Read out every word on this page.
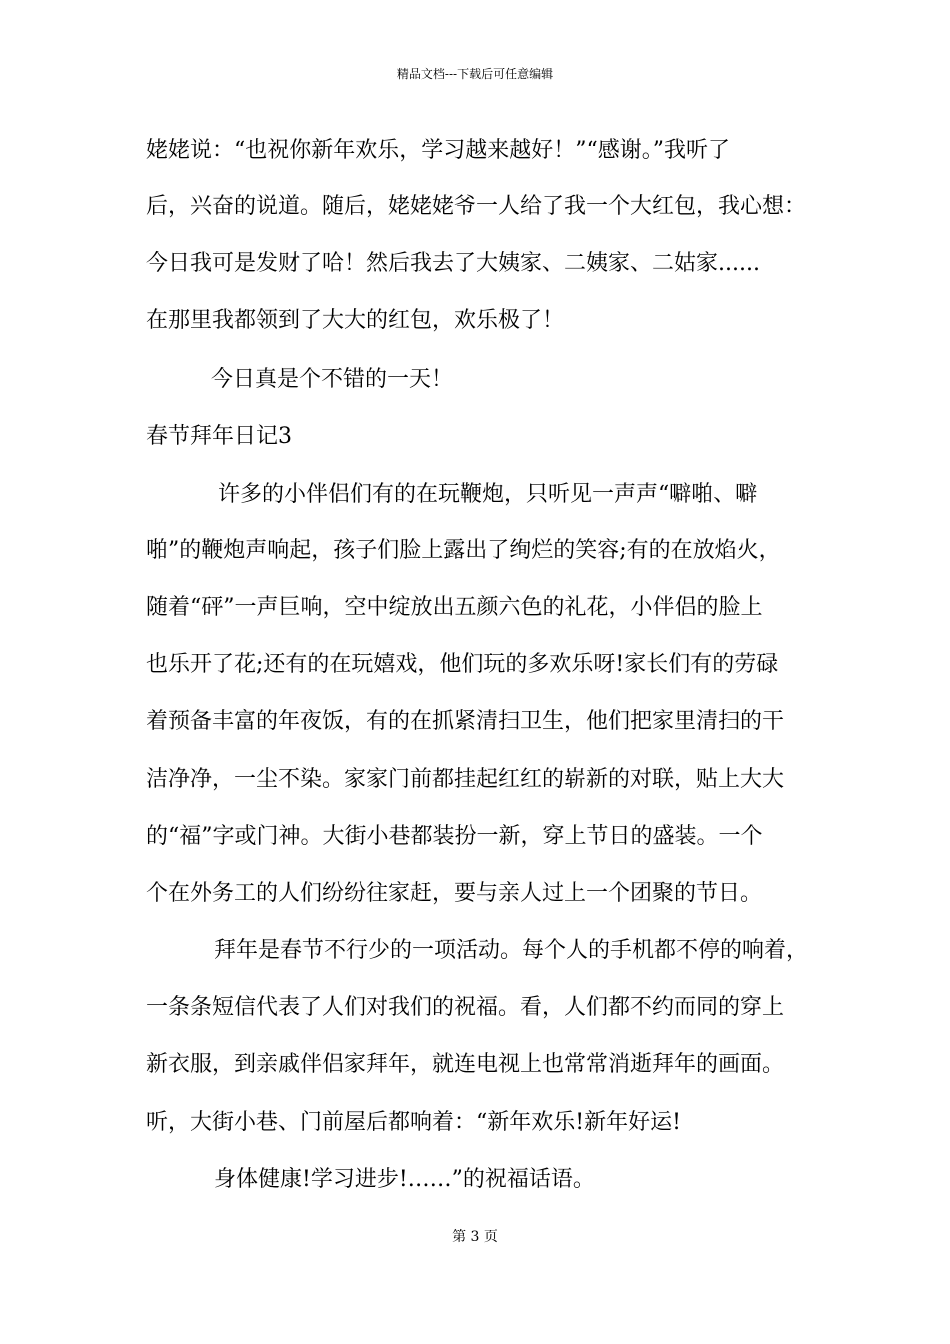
精品文档---下载后可任意编辑
姥姥说：“也祝你新年欢乐，学习越来越好！”“感谢。”我听了
后，兴奋的说道。随后，姥姥姥爷一人给了我一个大红包，我心想：
今日我可是发财了哈！然后我去了大姨家、二姨家、二姑家......
在那里我都领到了大大的红包，欢乐极了！
今日真是个不错的一天！
春节拜年日记3
许多的小伴侣们有的在玩鞭炮，只听见一声声“噼啪、噼
啪”的鞭炮声响起，孩子们脸上露出了绚烂的笑容;有的在放焰火，
随着“砰”一声巨响，空中绽放出五颜六色的礼花，小伴侣的脸上
也乐开了花;还有的在玩嬉戏，他们玩的多欢乐呀!家长们有的劳碌
着预备丰富的年夜饭，有的在抓紧清扫卫生，他们把家里清扫的干
洁净净，一尘不染。家家门前都挂起红红的崭新的对联，贴上大大
的“福”字或门神。大街小巷都装扮一新，穿上节日的盛装。一个
个在外务工的人们纷纷往家赶，要与亲人过上一个团聚的节日。
拜年是春节不行少的一项活动。每个人的手机都不停的响着，
一条条短信代表了人们对我们的祝福。看，人们都不约而同的穿上
新衣服，到亲戚伴侣家拜年，就连电视上也常常消逝拜年的画面。
听，大街小巷、门前屋后都响着：“新年欢乐!新年好运!
身体健康!学习进步!……”的祝福话语。
第 3 页
